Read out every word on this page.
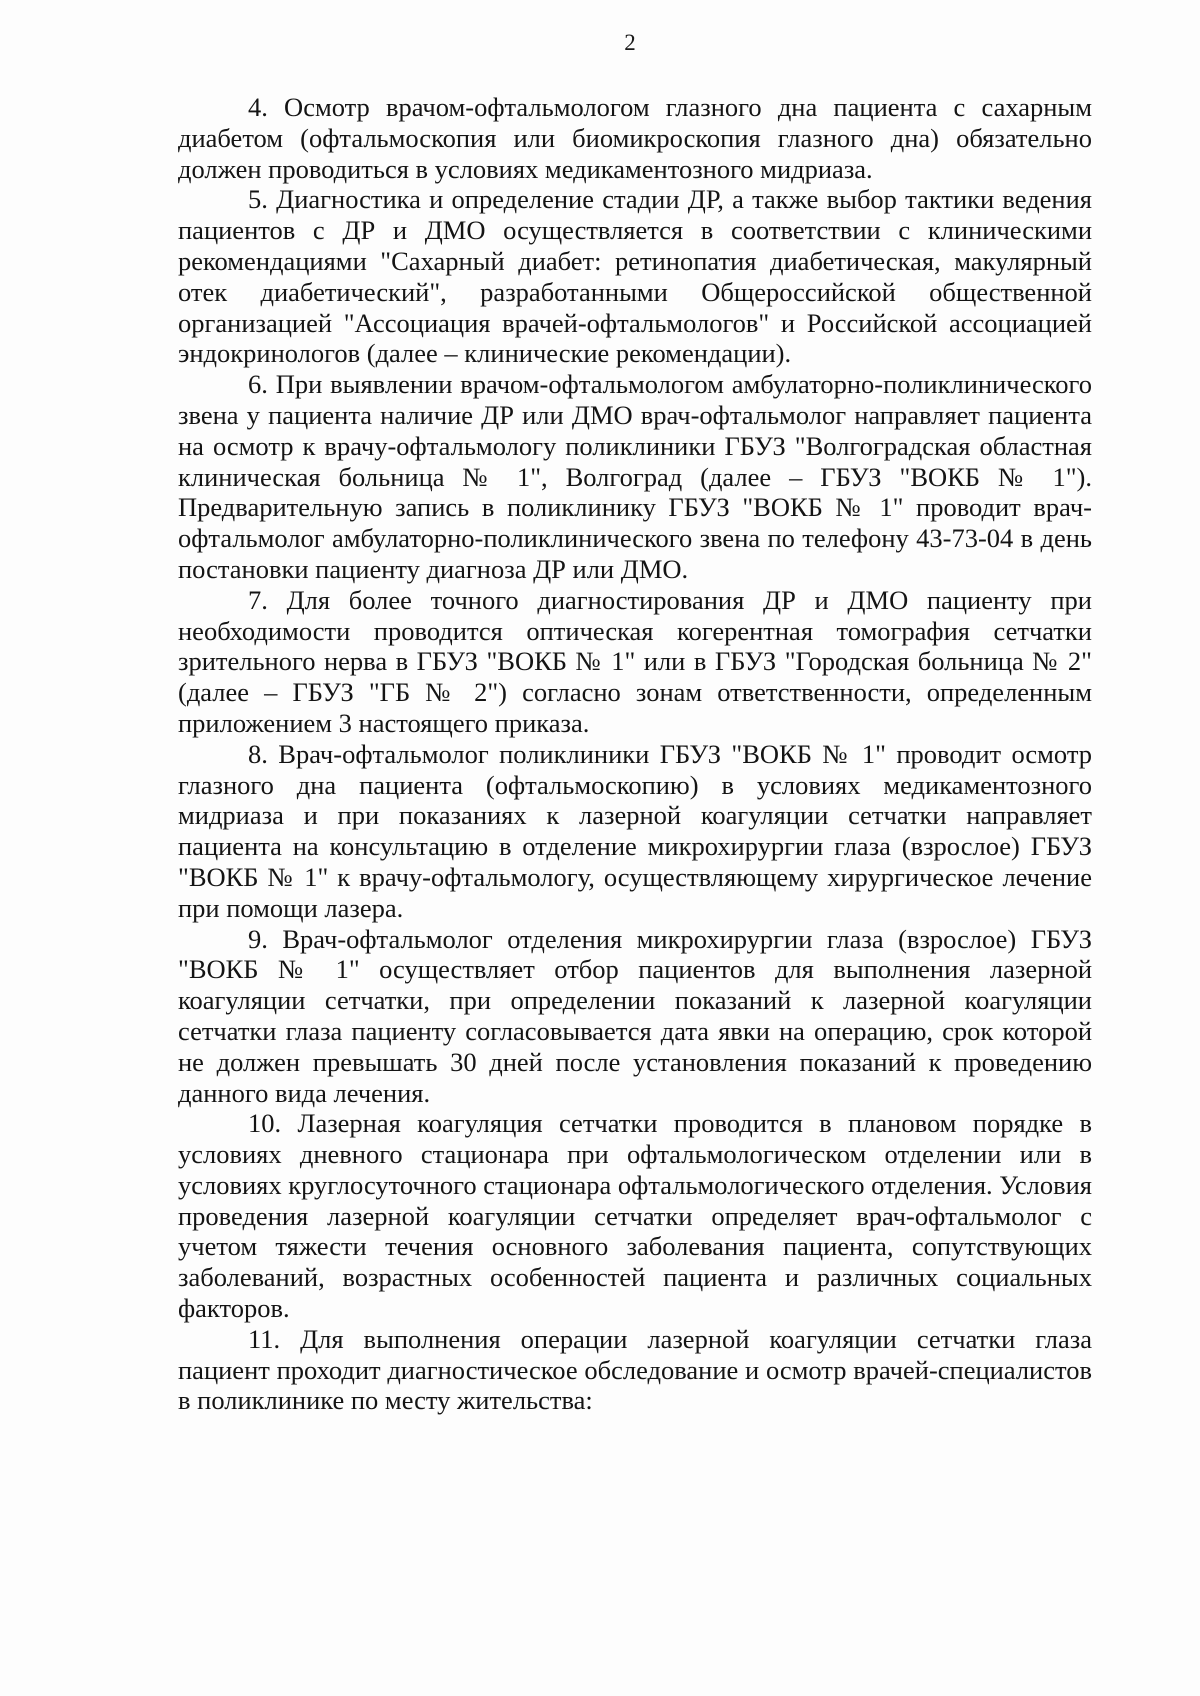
2

4. Осмотр врачом-офтальмологом глазного дна пациента с сахарным диабетом (офтальмоскопия или биомикроскопия глазного дна) обязательно должен проводиться в условиях медикаментозного мидриаза.

5. Диагностика и определение стадии ДР, а также выбор тактики ведения пациентов с ДР и ДМО осуществляется в соответствии с клиническими рекомендациями "Сахарный диабет: ретинопатия диабетическая, макулярный отек диабетический", разработанными Общероссийской общественной организацией "Ассоциация врачей-офтальмологов" и Российской ассоциацией эндокринологов (далее – клинические рекомендации).

6. При выявлении врачом-офтальмологом амбулаторно-поликлинического звена у пациента наличие ДР или ДМО врач-офтальмолог направляет пациента на осмотр к врачу-офтальмологу поликлиники ГБУЗ "Волгоградская областная клиническая больница № 1", Волгоград (далее – ГБУЗ "ВОКБ № 1"). Предварительную запись в поликлинику ГБУЗ "ВОКБ № 1" проводит врач-офтальмолог амбулаторно-поликлинического звена по телефону 43-73-04 в день постановки пациенту диагноза ДР или ДМО.

7. Для более точного диагностирования ДР и ДМО пациенту при необходимости проводится оптическая когерентная томография сетчатки зрительного нерва в ГБУЗ "ВОКБ № 1" или в ГБУЗ "Городская больница № 2" (далее – ГБУЗ "ГБ № 2") согласно зонам ответственности, определенным приложением 3 настоящего приказа.

8. Врач-офтальмолог поликлиники ГБУЗ "ВОКБ № 1" проводит осмотр глазного дна пациента (офтальмоскопию) в условиях медикаментозного мидриаза и при показаниях к лазерной коагуляции сетчатки направляет пациента на консультацию в отделение микрохирургии глаза (взрослое) ГБУЗ "ВОКБ № 1" к врачу-офтальмологу, осуществляющему хирургическое лечение при помощи лазера.

9. Врач-офтальмолог отделения микрохирургии глаза (взрослое) ГБУЗ "ВОКБ № 1" осуществляет отбор пациентов для выполнения лазерной коагуляции сетчатки, при определении показаний к лазерной коагуляции сетчатки глаза пациенту согласовывается дата явки на операцию, срок которой не должен превышать 30 дней после установления показаний к проведению данного вида лечения.

10. Лазерная коагуляция сетчатки проводится в плановом порядке в условиях дневного стационара при офтальмологическом отделении или в условиях круглосуточного стационара офтальмологического отделения. Условия проведения лазерной коагуляции сетчатки определяет врач-офтальмолог с учетом тяжести течения основного заболевания пациента, сопутствующих заболеваний, возрастных особенностей пациента и различных социальных факторов.

11. Для выполнения операции лазерной коагуляции сетчатки глаза пациент проходит диагностическое обследование и осмотр врачей-специалистов в поликлинике по месту жительства:
